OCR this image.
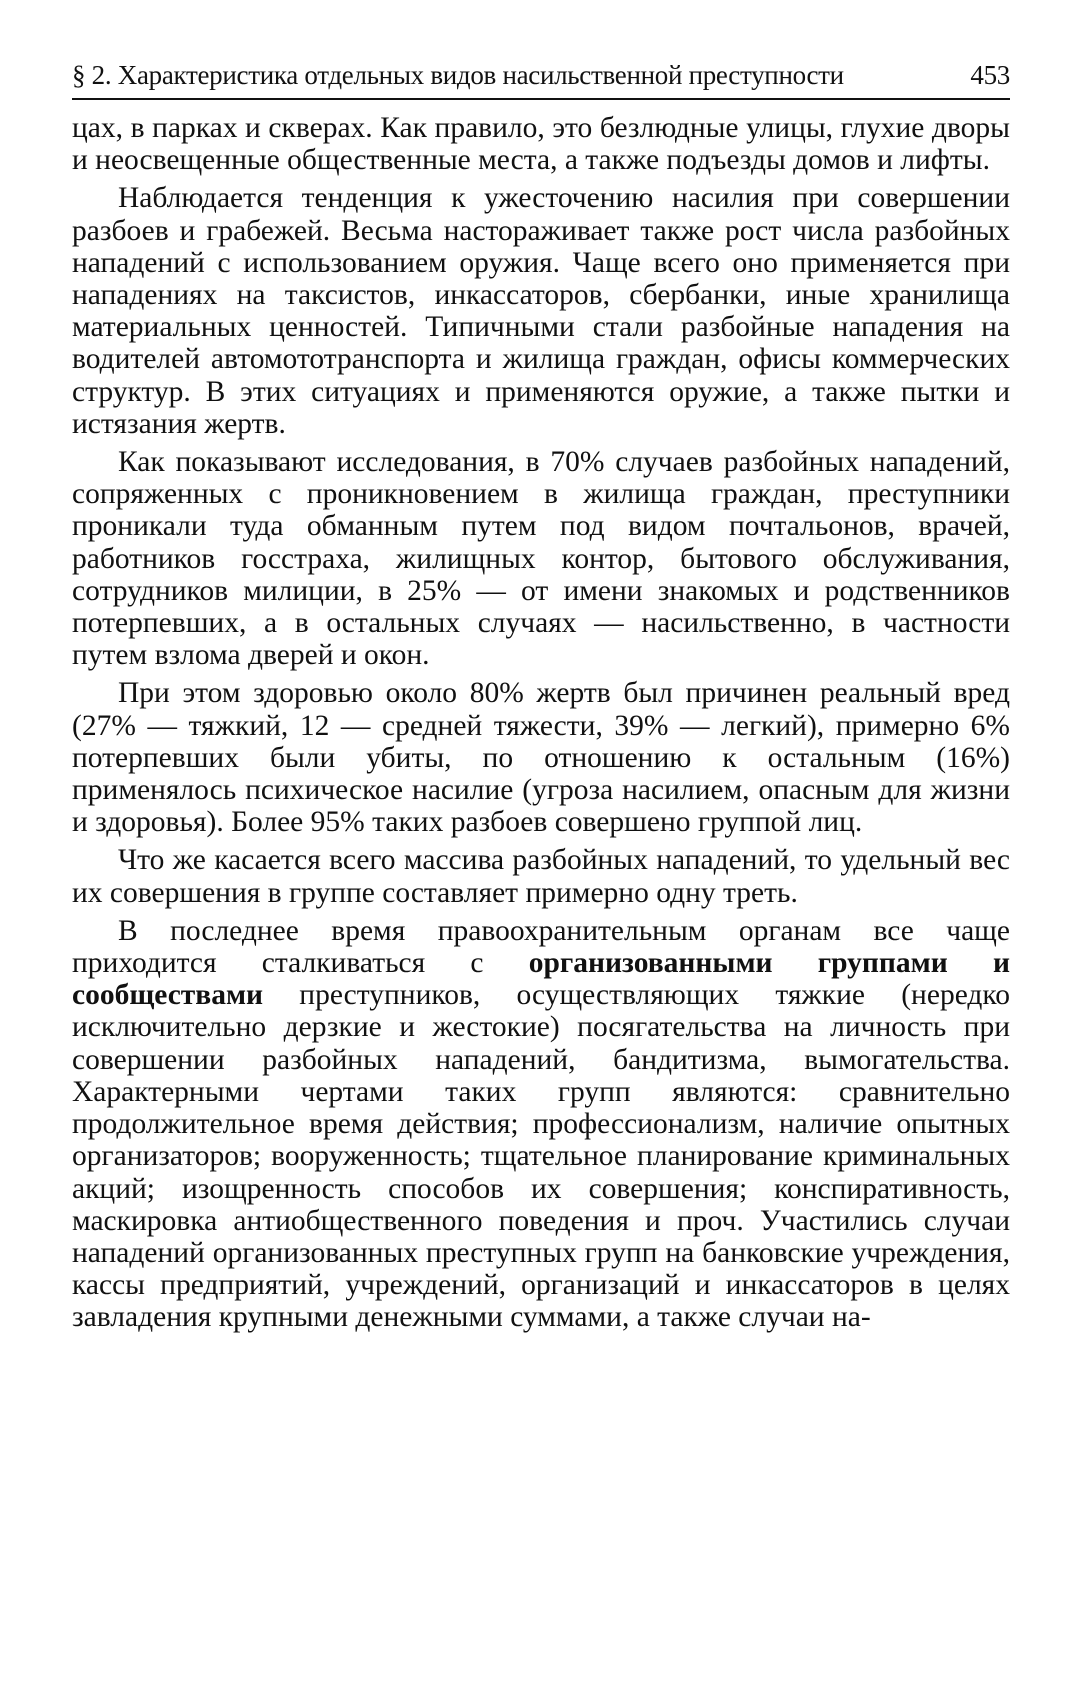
§ 2. Характеристика отдельных видов насильственной преступности	453

цах, в парках и скверах. Как правило, это безлюдные улицы, глухие дворы и неосвещенные общественные места, а также подъезды домов и лифты.

Наблюдается тенденция к ужесточению насилия при совершении разбоев и грабежей. Весьма настораживает также рост числа разбойных нападений с использованием оружия. Чаще всего оно применяется при нападениях на таксистов, инкассаторов, сбербанки, иные хранилища материальных ценностей. Типичными стали разбойные нападения на водителей автомототранспорта и жилища граждан, офисы коммерческих структур. В этих ситуациях и применяются оружие, а также пытки и истязания жертв.

Как показывают исследования, в 70% случаев разбойных нападений, сопряженных с проникновением в жилища граждан, преступники проникали туда обманным путем под видом почтальонов, врачей, работников госстраха, жилищных контор, бытового обслуживания, сотрудников милиции, в 25% — от имени знакомых и родственников потерпевших, а в остальных случаях — насильственно, в частности путем взлома дверей и окон.

При этом здоровью около 80% жертв был причинен реальный вред (27% — тяжкий, 12 — средней тяжести, 39% — легкий), примерно 6% потерпевших были убиты, по отношению к остальным (16%) применялось психическое насилие (угроза насилием, опасным для жизни и здоровья). Более 95% таких разбоев совершено группой лиц.

Что же касается всего массива разбойных нападений, то удельный вес их совершения в группе составляет примерно одну треть.

В последнее время правоохранительным органам все чаще приходится сталкиваться с организованными группами и сообществами преступников, осуществляющих тяжкие (нередко исключительно дерзкие и жестокие) посягательства на личность при совершении разбойных нападений, бандитизма, вымогательства. Характерными чертами таких групп являются: сравнительно продолжительное время действия; профессионализм, наличие опытных организаторов; вооруженность; тщательное планирование криминальных акций; изощренность способов их совершения; конспиративность, маскировка антиобщественного поведения и проч. Участились случаи нападений организованных преступных групп на банковские учреждения, кассы предприятий, учреждений, организаций и инкассаторов в целях завладения крупными денежными суммами, а также случаи на-
